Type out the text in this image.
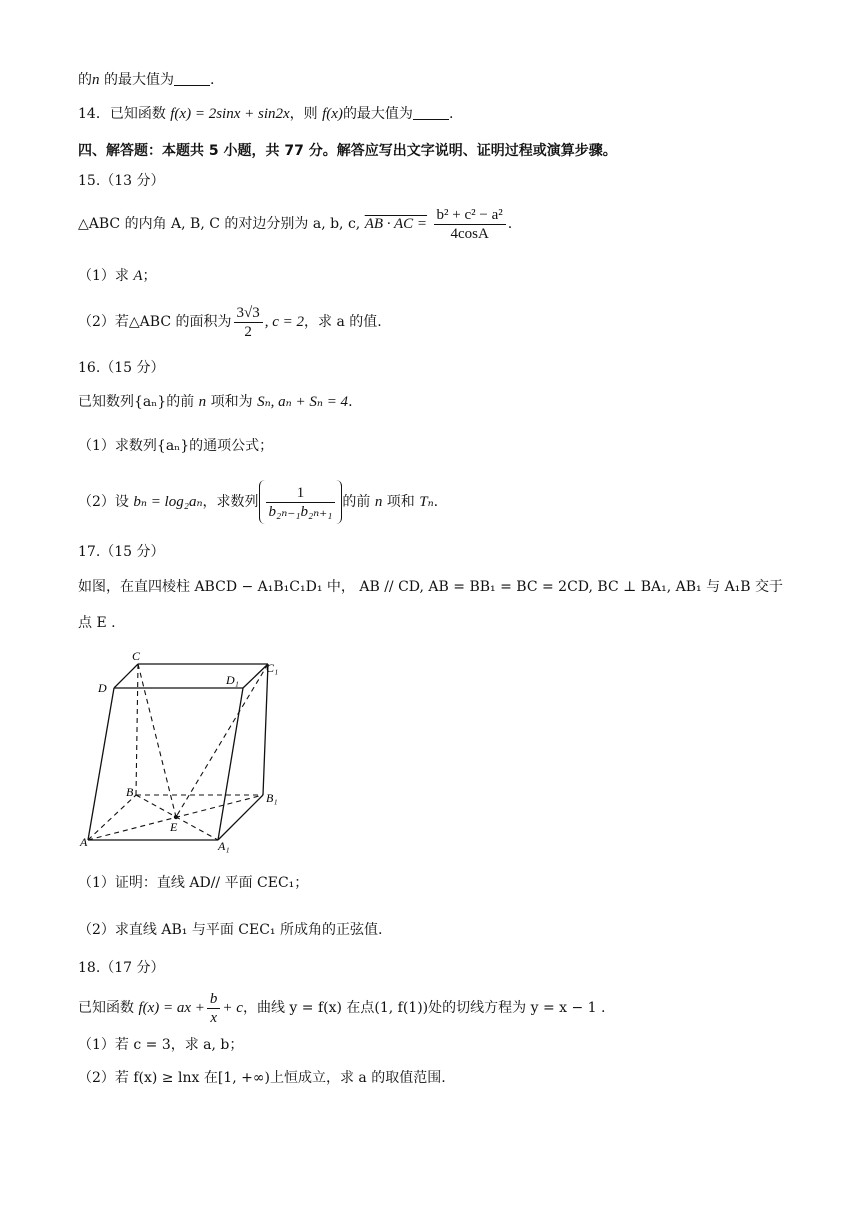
的n 的最大值为	.
14．已知函数 f(x) = 2sinx + sin2x，则 f(x)的最大值为	.
四、解答题：本题共 5 小题，共 77 分。解答应写出文字说明、证明过程或演算步骤。
15.（13 分）
△ABC 的内角 A, B, C 的对边分别为 a, b, c, AB · AC = $\frac{\text{b² + c² − a²}}{4\cos A}$ .
（1）求 A；
（2）若△ABC 的面积为 $\frac{3√3}{2}$ , c = 2，求 a 的值.
16.（15 分）
已知数列{aₙ}的前 n 项和为 Sₙ, aₙ + Sₙ = 4.
（1）求数列{aₙ}的通项公式；
（2）设 bₙ = log₂aₙ，求数列 $\frac{1}{\text{b₂ₙ₋₁b₂ₙ₊₁}}$ 的前 n 项和 Tₙ.
17.（15 分）
如图，在直四棱柱 ABCD − A₁B₁C₁D₁ 中， AB // CD, AB = BB₁ = BC = 2CD, BC ⊥ BA₁, AB₁ 与 A₁B 交于
点 E .
C
C₁
D
D₁
B	B₁
E
A	A₁
（1）证明：直线 AD// 平面 CEC₁；
（2）求直线 AB₁ 与平面 CEC₁ 所成角的正弦值.
18.（17 分）
已知函数 f(x) = ax + $\frac{b}{x} + c$，曲线 y = f(x) 在点(1, f(1))处的切线方程为 y = x − 1 .
（1）若 c = 3，求 a, b；
（2）若 f(x) ≥ lnx 在[1, +∞)上恒成立，求 a 的取值范围.
